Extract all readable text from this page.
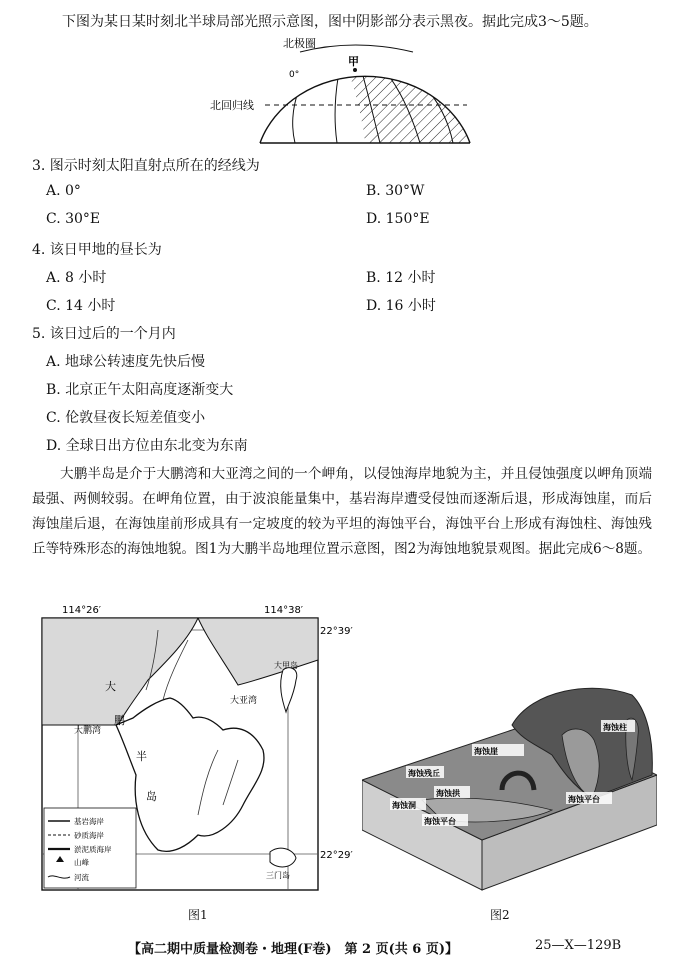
下图为某日某时刻北半球局部光照示意图，图中阴影部分表示黑夜。据此完成3～5题。
北极圈
北回归线
甲
0°
3. 图示时刻太阳直射点所在的经线为
A. 0°	B. 30°W
C. 30°E	D. 150°E
4. 该日甲地的昼长为
A. 8 小时	B. 12 小时
C. 14 小时	D. 16 小时
5. 该日过后的一个月内
A. 地球公转速度先快后慢
B. 北京正午太阳高度逐渐变大
C. 伦敦昼夜长短差值变小
D. 全球日出方位由东北变为东南
大鹏半岛是介于大鹏湾和大亚湾之间的一个岬角，以侵蚀海岸地貌为主，并且侵蚀强度以岬角顶端最强、两侧较弱。在岬角位置，由于波浪能量集中，基岩海岸遭受侵蚀而逐渐后退，形成海蚀崖，而后海蚀崖后退，在海蚀崖前形成具有一定坡度的较为平坦的海蚀平台，海蚀平台上形成有海蚀柱、海蚀残丘等特殊形态的海蚀地貌。图1为大鹏半岛地理位置示意图，图2为海蚀地貌景观图。据此完成6～8题。
基岩海岸
砂质海岸
淤泥质海岸
山峰
河流
114°26′	114°38′
22°39′
22°29′
大鹏湾
大亚湾
大甲岛
大
鹏
半
岛
三门岛
图1
海蚀柱
海蚀崖
海蚀平台
海蚀残丘
海蚀洞
海蚀拱
海蚀平台
图2
【高二期中质量检测卷・地理(F卷)　第 2 页(共 6 页)】	25—X—129B
